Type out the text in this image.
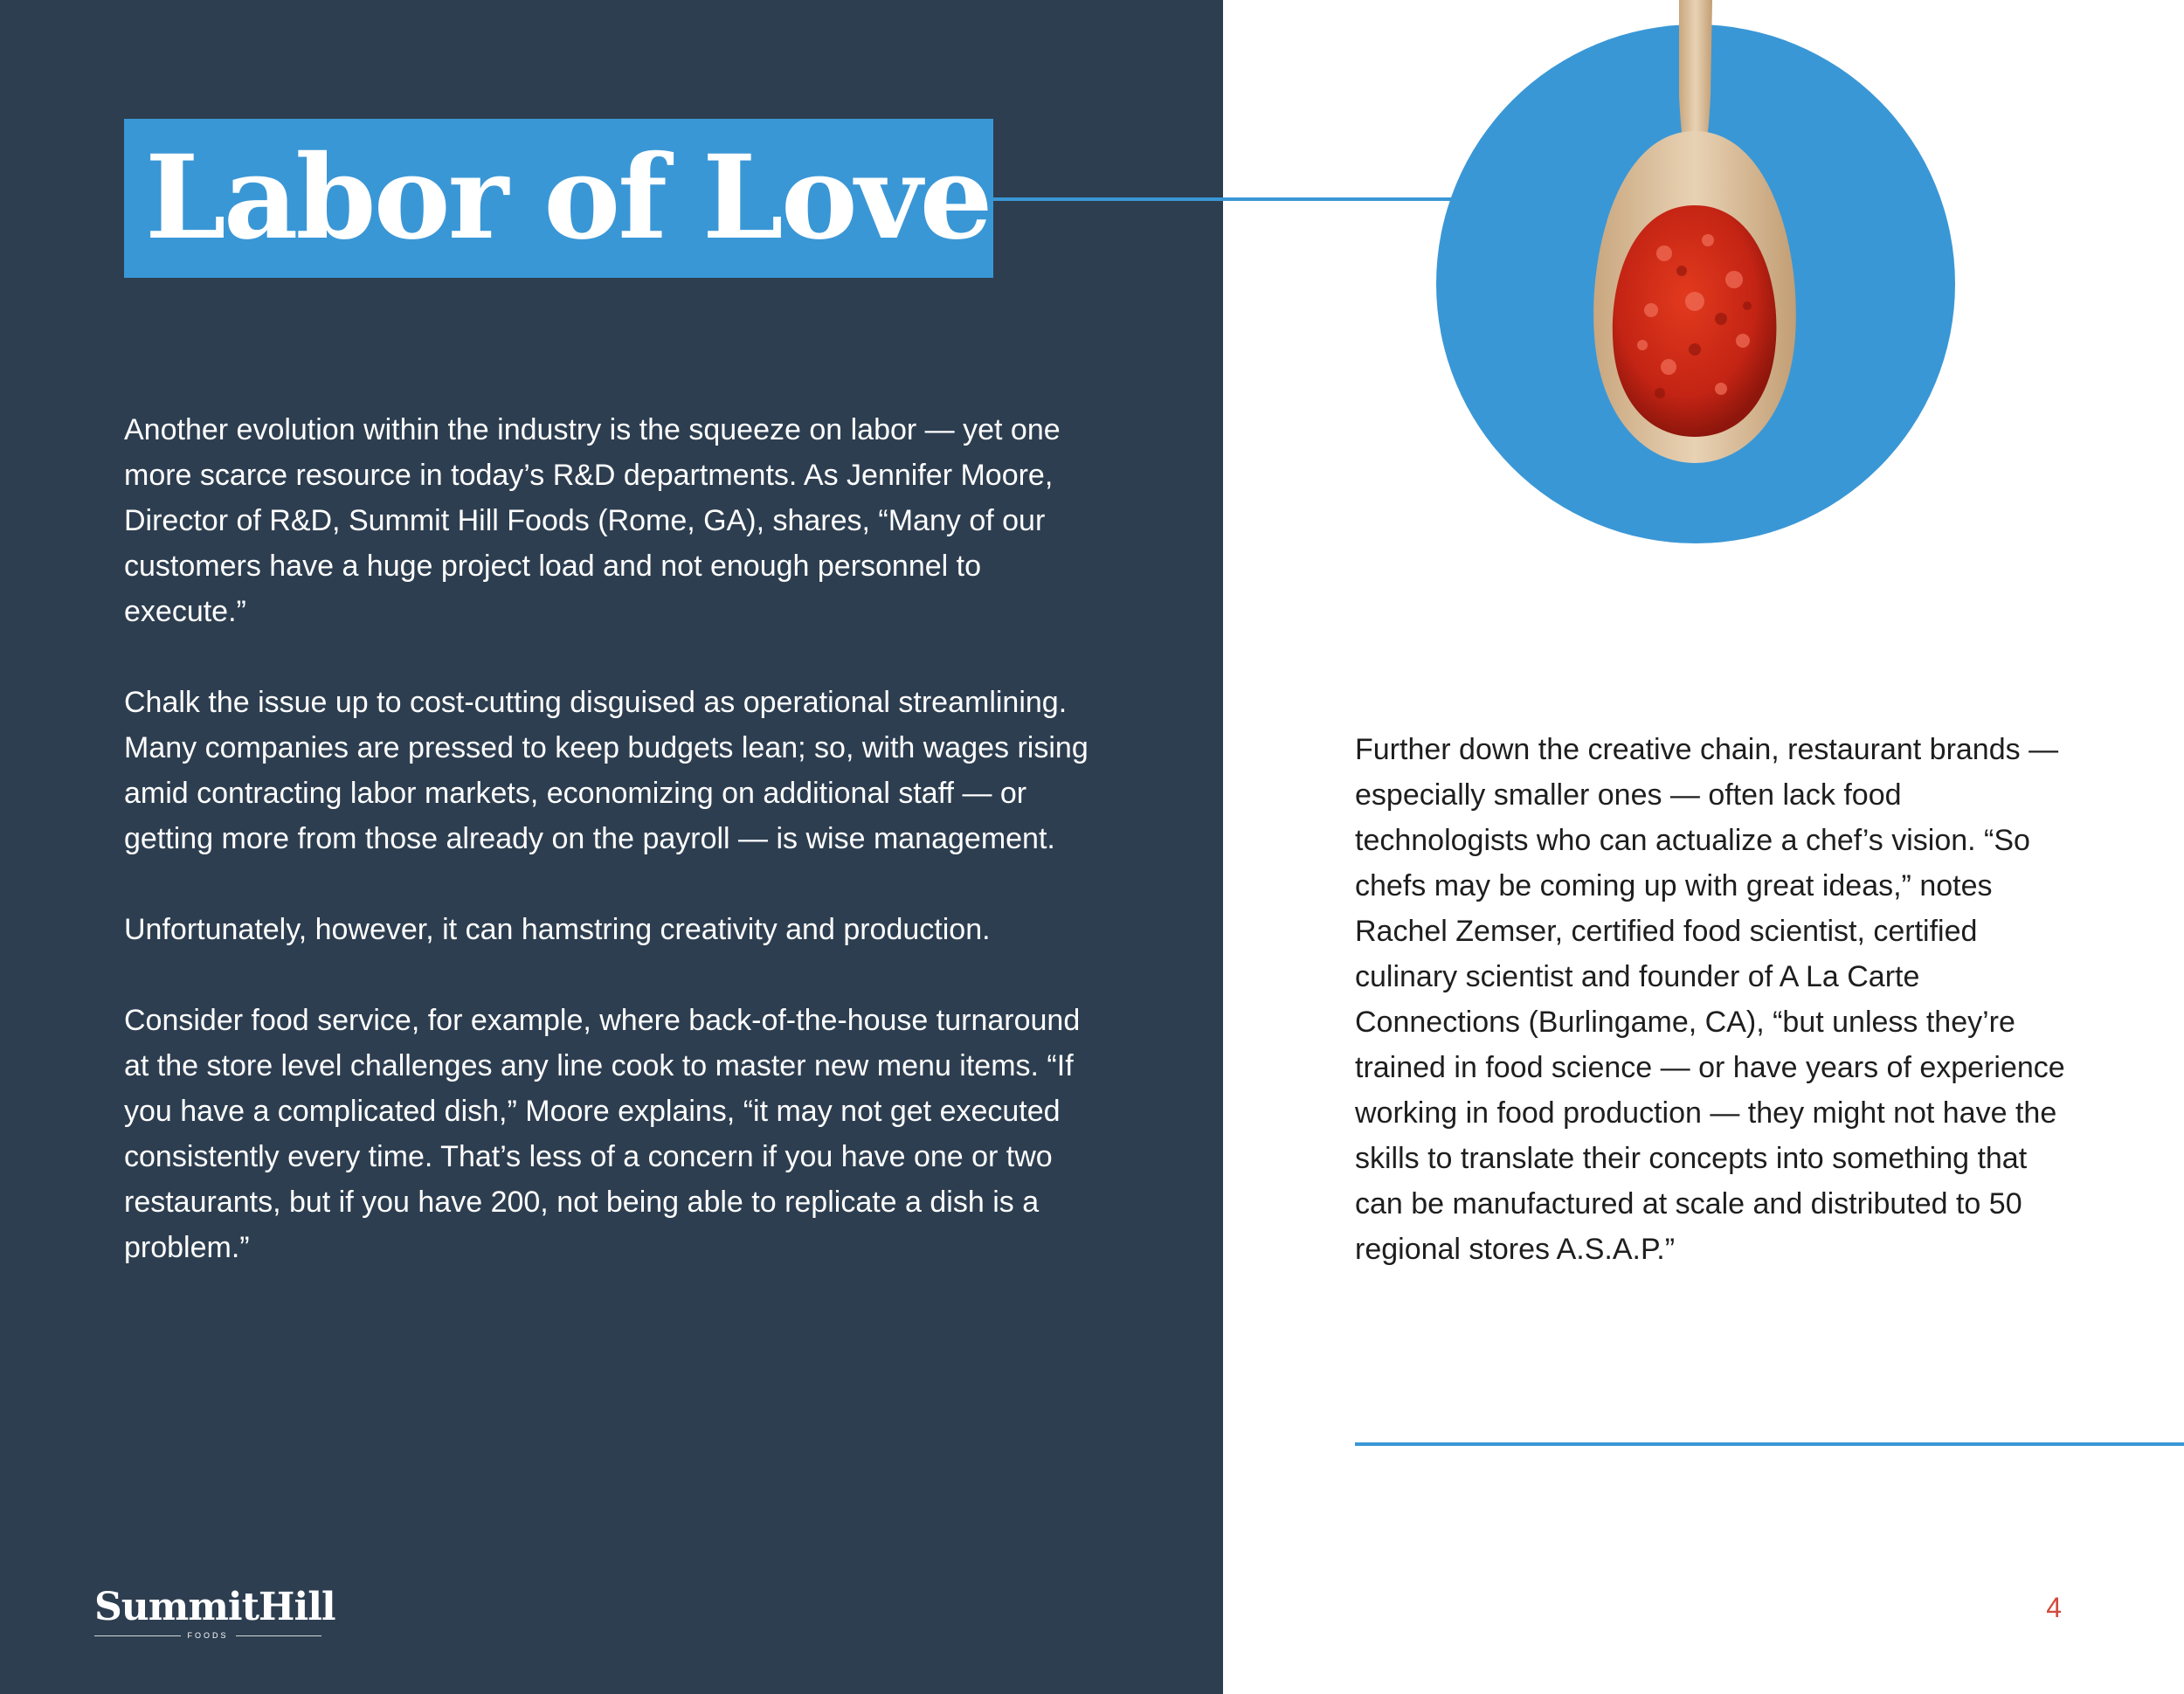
Labor of Love

Another evolution within the industry is the squeeze on labor — yet one more scarce resource in today’s R&D departments. As Jennifer Moore, Director of R&D, Summit Hill Foods (Rome, GA), shares, “Many of our customers have a huge project load and not enough personnel to execute.”

Chalk the issue up to cost-cutting disguised as operational streamlining. Many companies are pressed to keep budgets lean; so, with wages rising amid contracting labor markets, economizing on additional staff — or getting more from those already on the payroll — is wise management.

Unfortunately, however, it can hamstring creativity and production.

Consider food service, for example, where back-of-the-house turnaround at the store level challenges any line cook to master new menu items. “If you have a complicated dish,” Moore explains, “it may not get executed consistently every time. That’s less of a concern if you have one or two restaurants, but if you have 200, not being able to replicate a dish is a problem.”

Further down the creative chain, restaurant brands — especially smaller ones — often lack food technologists who can actualize a chef’s vision. “So chefs may be coming up with great ideas,” notes Rachel Zemser, certified food scientist, certified culinary scientist and founder of A La Carte Connections (Burlingame, CA), “but unless they’re trained in food science — or have years of experience working in food production — they might not have the skills to translate their concepts into something that can be manufactured at scale and distributed to 50 regional stores A.S.A.P.”

SummitHill
FOODS
4
